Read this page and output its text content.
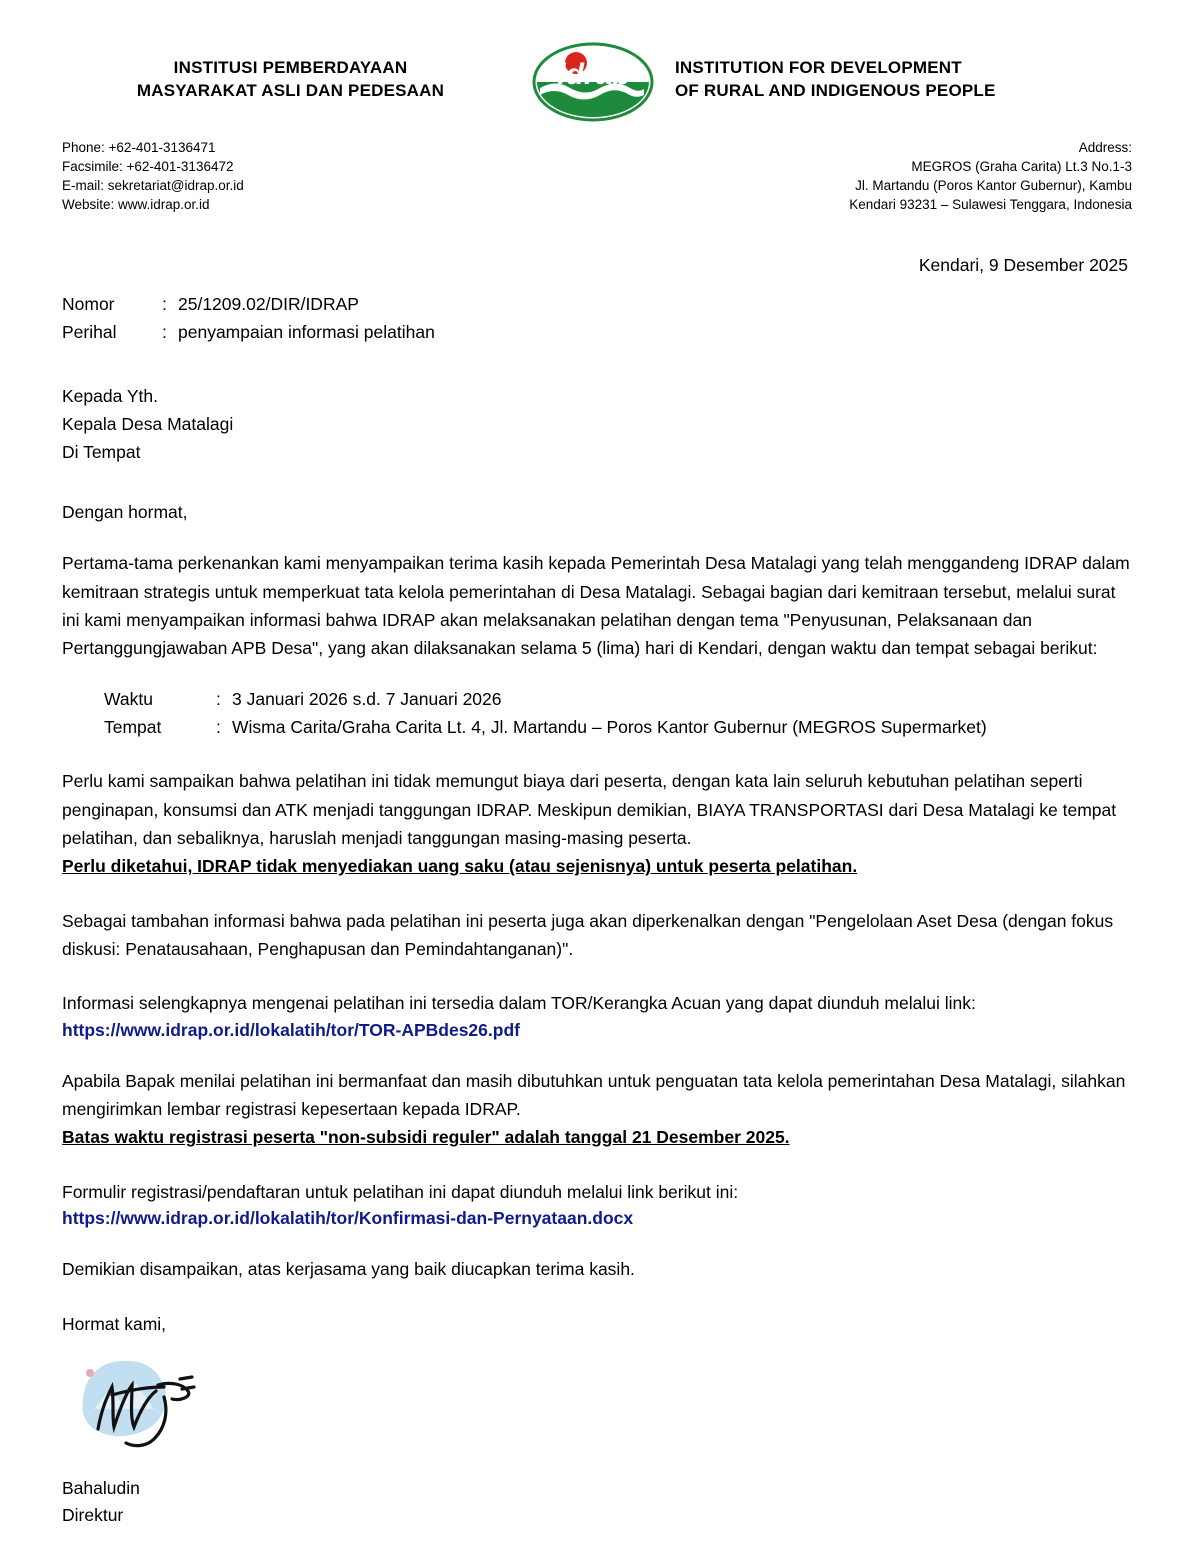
INSTITUSI PEMBERDAYAAN
MASYARAKAT ASLI DAN PEDESAAN	idrap	INSTITUTION FOR DEVELOPMENT
OF RURAL AND INDIGENOUS PEOPLE
Phone: +62-401-3136471
Facsimile: +62-401-3136472
E-mail: sekretariat@idrap.or.id
Website: www.idrap.or.id
Address:
MEGROS (Graha Carita) Lt.3 No.1-3
Jl. Martandu (Poros Kantor Gubernur), Kambu
Kendari 93231 – Sulawesi Tenggara, Indonesia
Kendari, 9 Desember 2025
Nomor	: 25/1209.02/DIR/IDRAP
Perihal	: penyampaian informasi pelatihan
Kepada Yth.
Kepala Desa Matalagi
Di Tempat
Dengan hormat,

Pertama-tama perkenankan kami menyampaikan terima kasih kepada Pemerintah Desa Matalagi yang telah menggandeng IDRAP dalam kemitraan strategis untuk memperkuat tata kelola pemerintahan di Desa Matalagi. Sebagai bagian dari kemitraan tersebut, melalui surat ini kami menyampaikan informasi bahwa IDRAP akan melaksanakan pelatihan dengan tema "Penyusunan, Pelaksanaan dan Pertanggungjawaban APB Desa", yang akan dilaksanakan selama 5 (lima) hari di Kendari, dengan waktu dan tempat sebagai berikut:

Waktu	: 3 Januari 2026 s.d. 7 Januari 2026
Tempat	: Wisma Carita/Graha Carita Lt. 4, Jl. Martandu – Poros Kantor Gubernur (MEGROS Supermarket)

Perlu kami sampaikan bahwa pelatihan ini tidak memungut biaya dari peserta, dengan kata lain seluruh kebutuhan pelatihan seperti penginapan, konsumsi dan ATK menjadi tanggungan IDRAP. Meskipun demikian, BIAYA TRANSPORTASI dari Desa Matalagi ke tempat pelatihan, dan sebaliknya, haruslah menjadi tanggungan masing-masing peserta.

Perlu diketahui, IDRAP tidak menyediakan uang saku (atau sejenisnya) untuk peserta pelatihan.

Sebagai tambahan informasi bahwa pada pelatihan ini peserta juga akan diperkenalkan dengan "Pengelolaan Aset Desa (dengan fokus diskusi: Penatausahaan, Penghapusan dan Pemindahtanganan)".

Informasi selengkapnya mengenai pelatihan ini tersedia dalam TOR/Kerangka Acuan yang dapat diunduh melalui link:

https://www.idrap.or.id/lokalatih/tor/TOR-APBdes26.pdf

Apabila Bapak menilai pelatihan ini bermanfaat dan masih dibutuhkan untuk penguatan tata kelola pemerintahan Desa Matalagi, silahkan mengirimkan lembar registrasi kepesertaan kepada IDRAP.

Batas waktu registrasi peserta "non-subsidi reguler" adalah tanggal 21 Desember 2025.

Formulir registrasi/pendaftaran untuk pelatihan ini dapat diunduh melalui link berikut ini:

https://www.idrap.or.id/lokalatih/tor/Konfirmasi-dan-Pernyataan.docx

Demikian disampaikan, atas kerjasama yang baik diucapkan terima kasih.

Hormat kami,
Bahaludin
Direktur
